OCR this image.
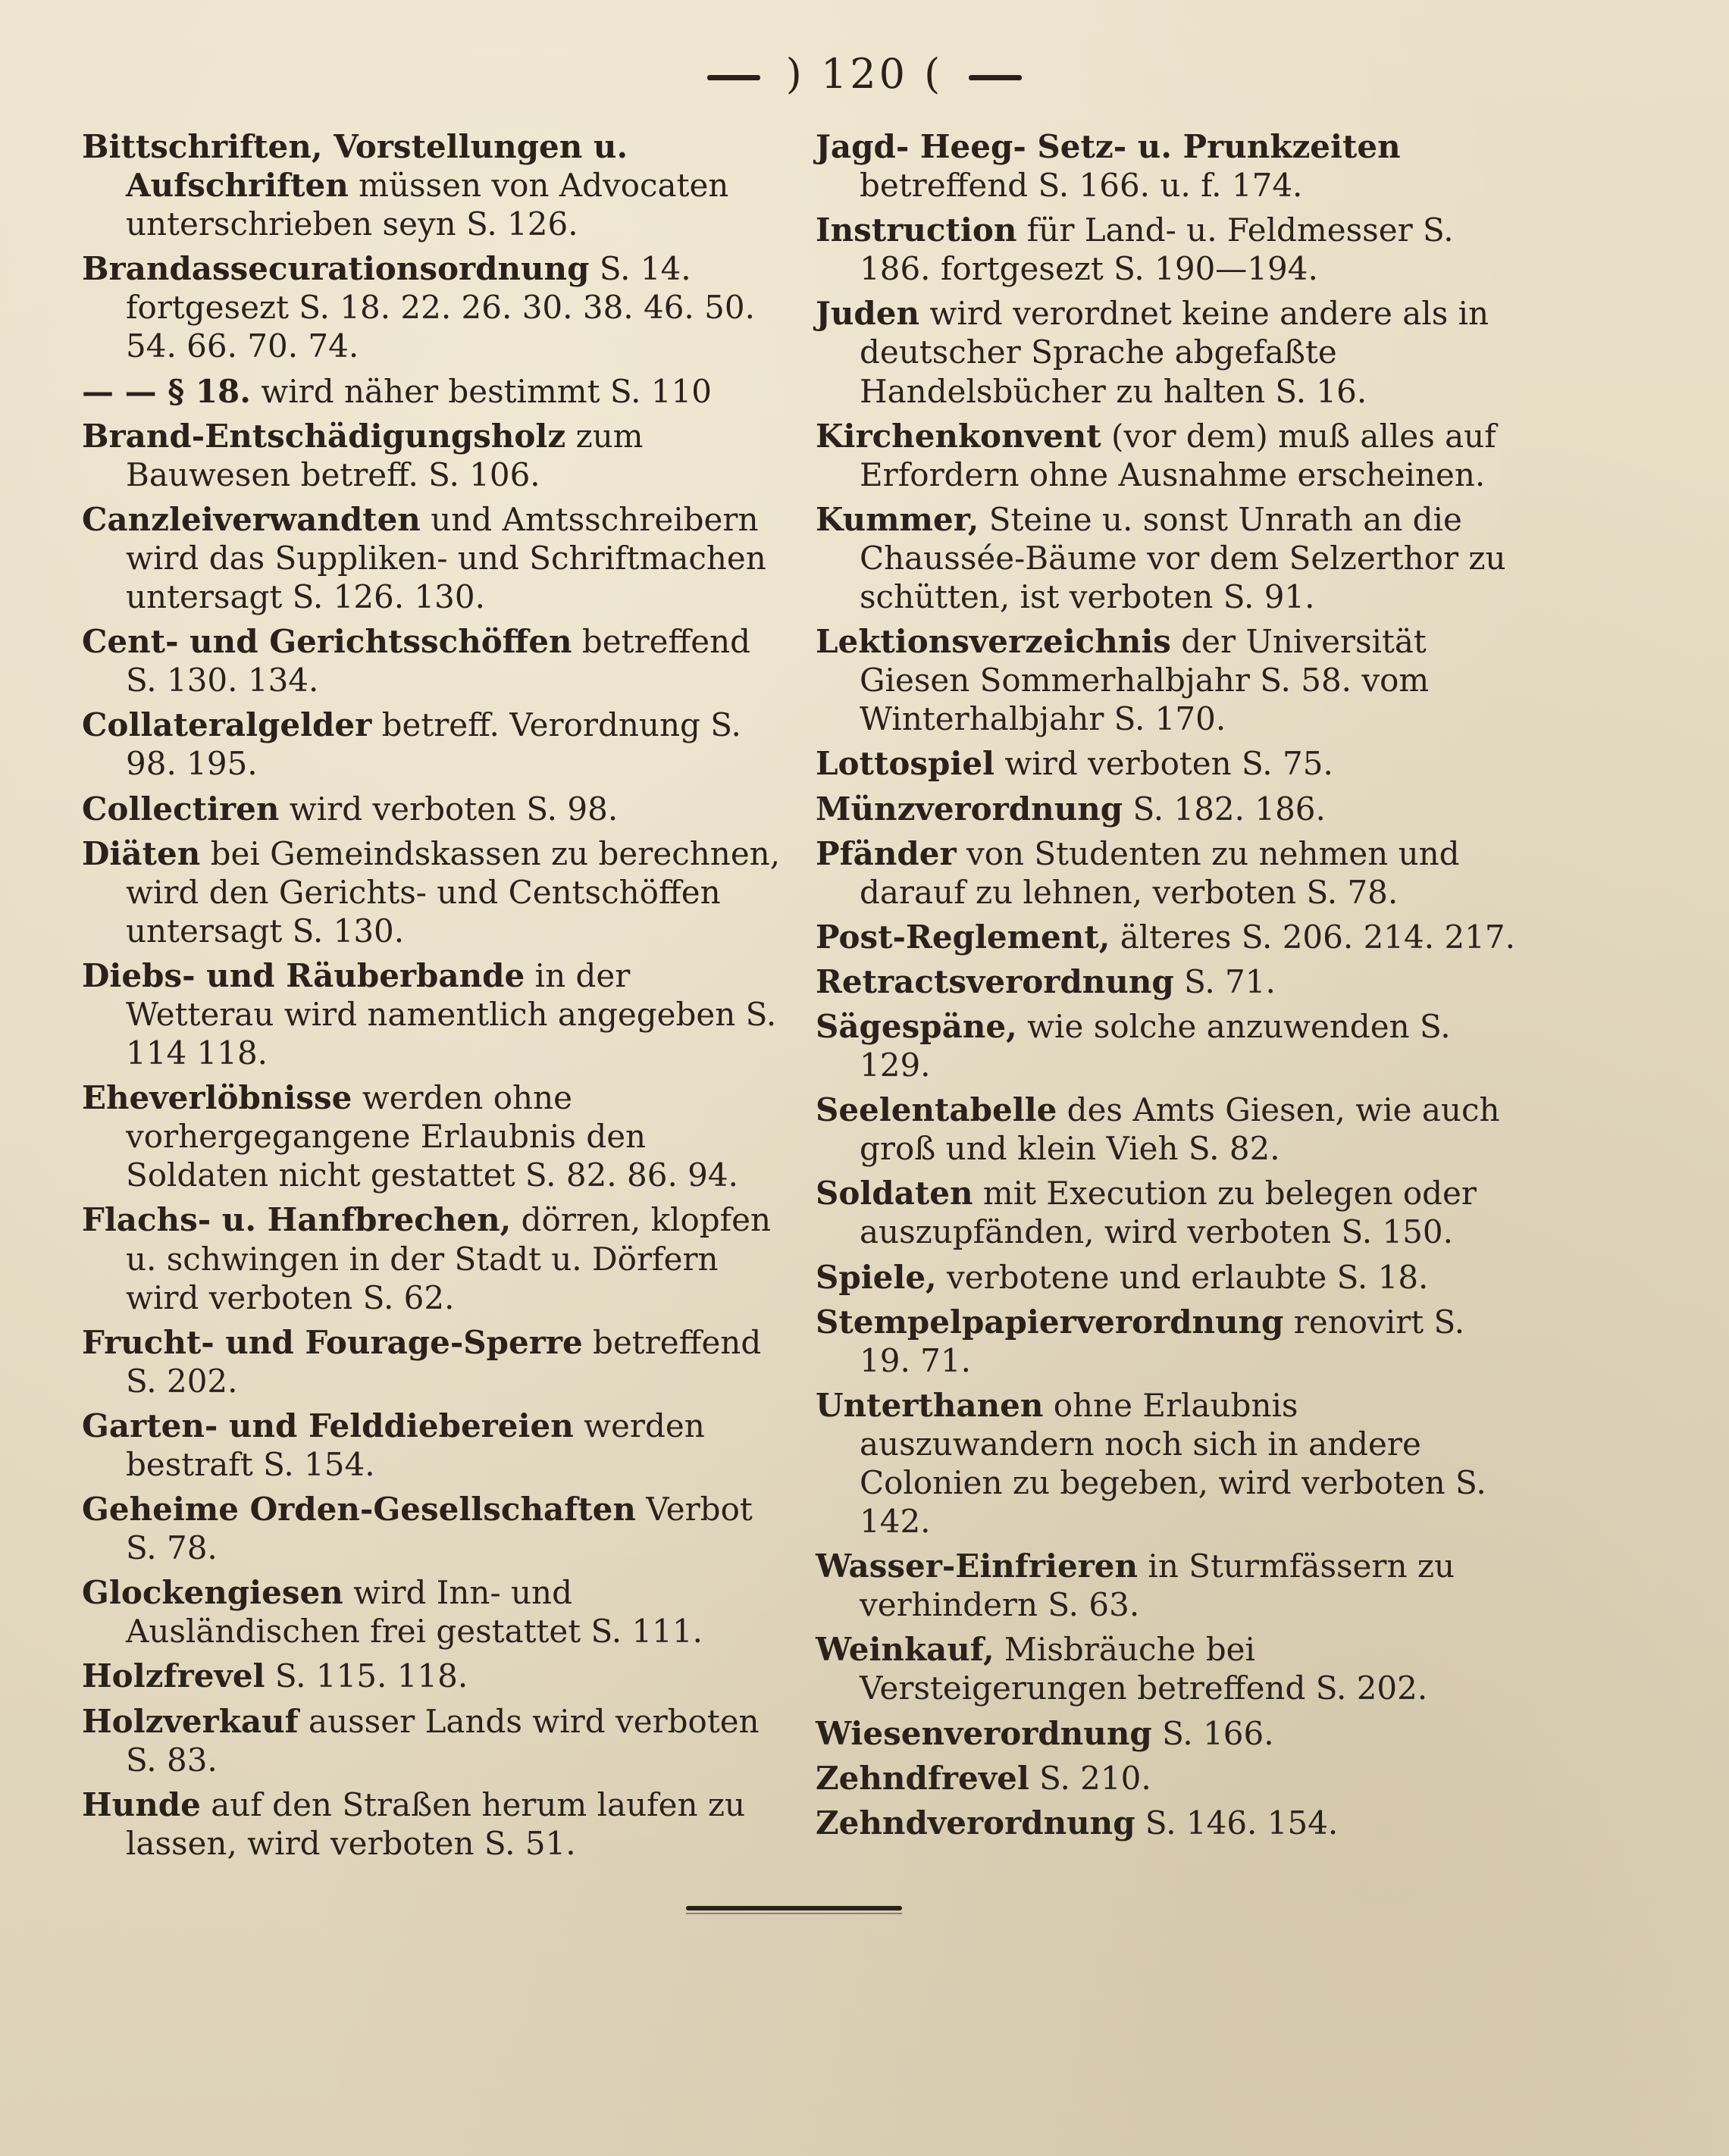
) 120 (

Bittschriften, Vorstellungen u. Aufschriften müssen von Advocaten unterschrieben seyn S. 126.

Brandassecurationsordnung S. 14. fortgesezt S. 18. 22. 26. 30. 38. 46. 50. 54. 66. 70. 74.

— — § 18. wird näher bestimmt S. 110

Brand-Entschädigungsholz zum Bauwesen betreff. S. 106.

Canzleiverwandten und Amtsschreibern wird das Suppliken- und Schriftmachen untersagt S. 126. 130.

Cent- und Gerichtsschöffen betreffend S. 130. 134.

Collateralgelder betreff. Verordnung S. 98. 195.

Collectiren wird verboten S. 98.

Diäten bei Gemeindskassen zu berechnen, wird den Gerichts- und Centschöffen untersagt S. 130.

Diebs- und Räuberbande in der Wetterau wird namentlich angegeben S. 114 118.

Eheverlöbnisse werden ohne vorhergegangene Erlaubnis den Soldaten nicht gestattet S. 82. 86. 94.

Flachs- u. Hanfbrechen, dörren, klopfen u. schwingen in der Stadt u. Dörfern wird verboten S. 62.

Frucht- und Fourage-Sperre betreffend S. 202.

Garten- und Felddiebereien werden bestraft S. 154.

Geheime Orden-Gesellschaften Verbot S. 78.

Glockengiesen wird Inn- und Ausländischen frei gestattet S. 111.

Holzfrevel S. 115. 118.

Holzverkauf ausser Lands wird verboten S. 83.

Hunde auf den Straßen herum laufen zu lassen, wird verboten S. 51.

Jagd- Heeg- Setz- u. Prunkzeiten betreffend S. 166. u. f. 174.

Instruction für Land- u. Feldmesser S. 186. fortgesezt S. 190—194.

Juden wird verordnet keine andere als in deutscher Sprache abgefaßte Handelsbücher zu halten S. 16.

Kirchenkonvent (vor dem) muß alles auf Erfordern ohne Ausnahme erscheinen.

Kummer, Steine u. sonst Unrath an die Chaussée-Bäume vor dem Selzerthor zu schütten, ist verboten S. 91.

Lektionsverzeichnis der Universität Giesen Sommerhalbjahr S. 58. vom Winterhalbjahr S. 170.

Lottospiel wird verboten S. 75.

Münzverordnung S. 182. 186.

Pfänder von Studenten zu nehmen und darauf zu lehnen, verboten S. 78.

Post-Reglement, älteres S. 206. 214. 217.

Retractsverordnung S. 71.

Sägespäne, wie solche anzuwenden S. 129.

Seelentabelle des Amts Giesen, wie auch groß und klein Vieh S. 82.

Soldaten mit Execution zu belegen oder auszupfänden, wird verboten S. 150.

Spiele, verbotene und erlaubte S. 18.

Stempelpapierverordnung renovirt S. 19. 71.

Unterthanen ohne Erlaubnis auszuwandern noch sich in andere Colonien zu begeben, wird verboten S. 142.

Wasser-Einfrieren in Sturmfässern zu verhindern S. 63.

Weinkauf, Misbräuche bei Versteigerungen betreffend S. 202.

Wiesenverordnung S. 166.

Zehndfrevel S. 210.

Zehndverordnung S. 146. 154.
